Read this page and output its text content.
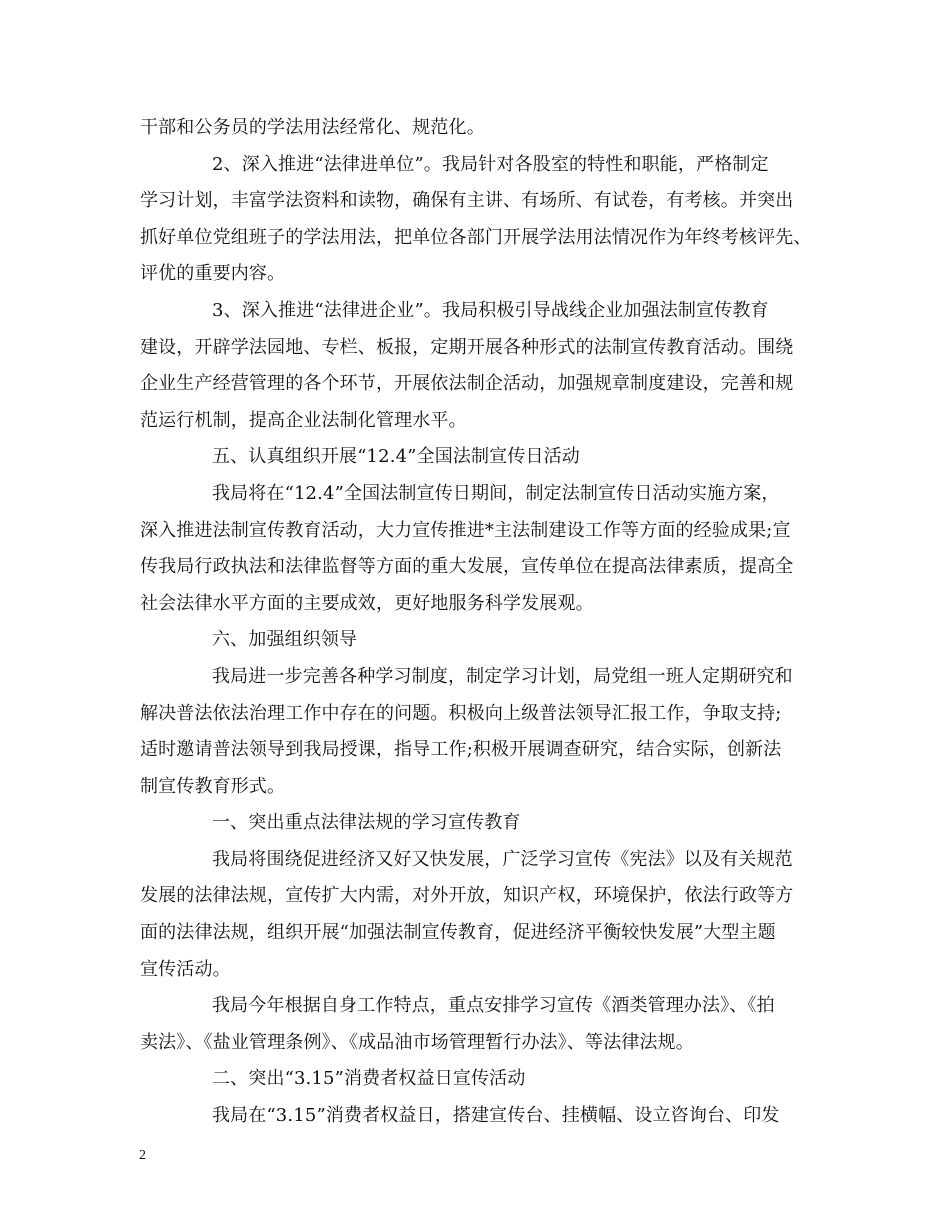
干部和公务员的学法用法经常化、规范化。
2、深入推进“法律进单位”。我局针对各股室的特性和职能，严格制定
学习计划，丰富学法资料和读物，确保有主讲、有场所、有试卷，有考核。并突出
抓好单位党组班子的学法用法，把单位各部门开展学法用法情况作为年终考核评先、
评优的重要内容。
3、深入推进“法律进企业”。我局积极引导战线企业加强法制宣传教育
建设，开辟学法园地、专栏、板报，定期开展各种形式的法制宣传教育活动。围绕
企业生产经营管理的各个环节，开展依法制企活动，加强规章制度建设，完善和规
范运行机制，提高企业法制化管理水平。
五、认真组织开展“12.4”全国法制宣传日活动
我局将在“12.4”全国法制宣传日期间，制定法制宣传日活动实施方案，
深入推进法制宣传教育活动，大力宣传推进*主法制建设工作等方面的经验成果;宣
传我局行政执法和法律监督等方面的重大发展，宣传单位在提高法律素质，提高全
社会法律水平方面的主要成效，更好地服务科学发展观。
六、加强组织领导
我局进一步完善各种学习制度，制定学习计划，局党组一班人定期研究和
解决普法依法治理工作中存在的问题。积极向上级普法领导汇报工作，争取支持;
适时邀请普法领导到我局授课，指导工作;积极开展调查研究，结合实际，创新法
制宣传教育形式。
一、突出重点法律法规的学习宣传教育
我局将围绕促进经济又好又快发展，广泛学习宣传《宪法》以及有关规范
发展的法律法规，宣传扩大内需，对外开放，知识产权，环境保护，依法行政等方
面的法律法规，组织开展“加强法制宣传教育，促进经济平衡较快发展”大型主题
宣传活动。
我局今年根据自身工作特点，重点安排学习宣传《酒类管理办法》、《拍
卖法》、《盐业管理条例》、《成品油市场管理暂行办法》、等法律法规。
二、突出“3.15”消费者权益日宣传活动
我局在“3.15”消费者权益日，搭建宣传台、挂横幅、设立咨询台、印发
2
